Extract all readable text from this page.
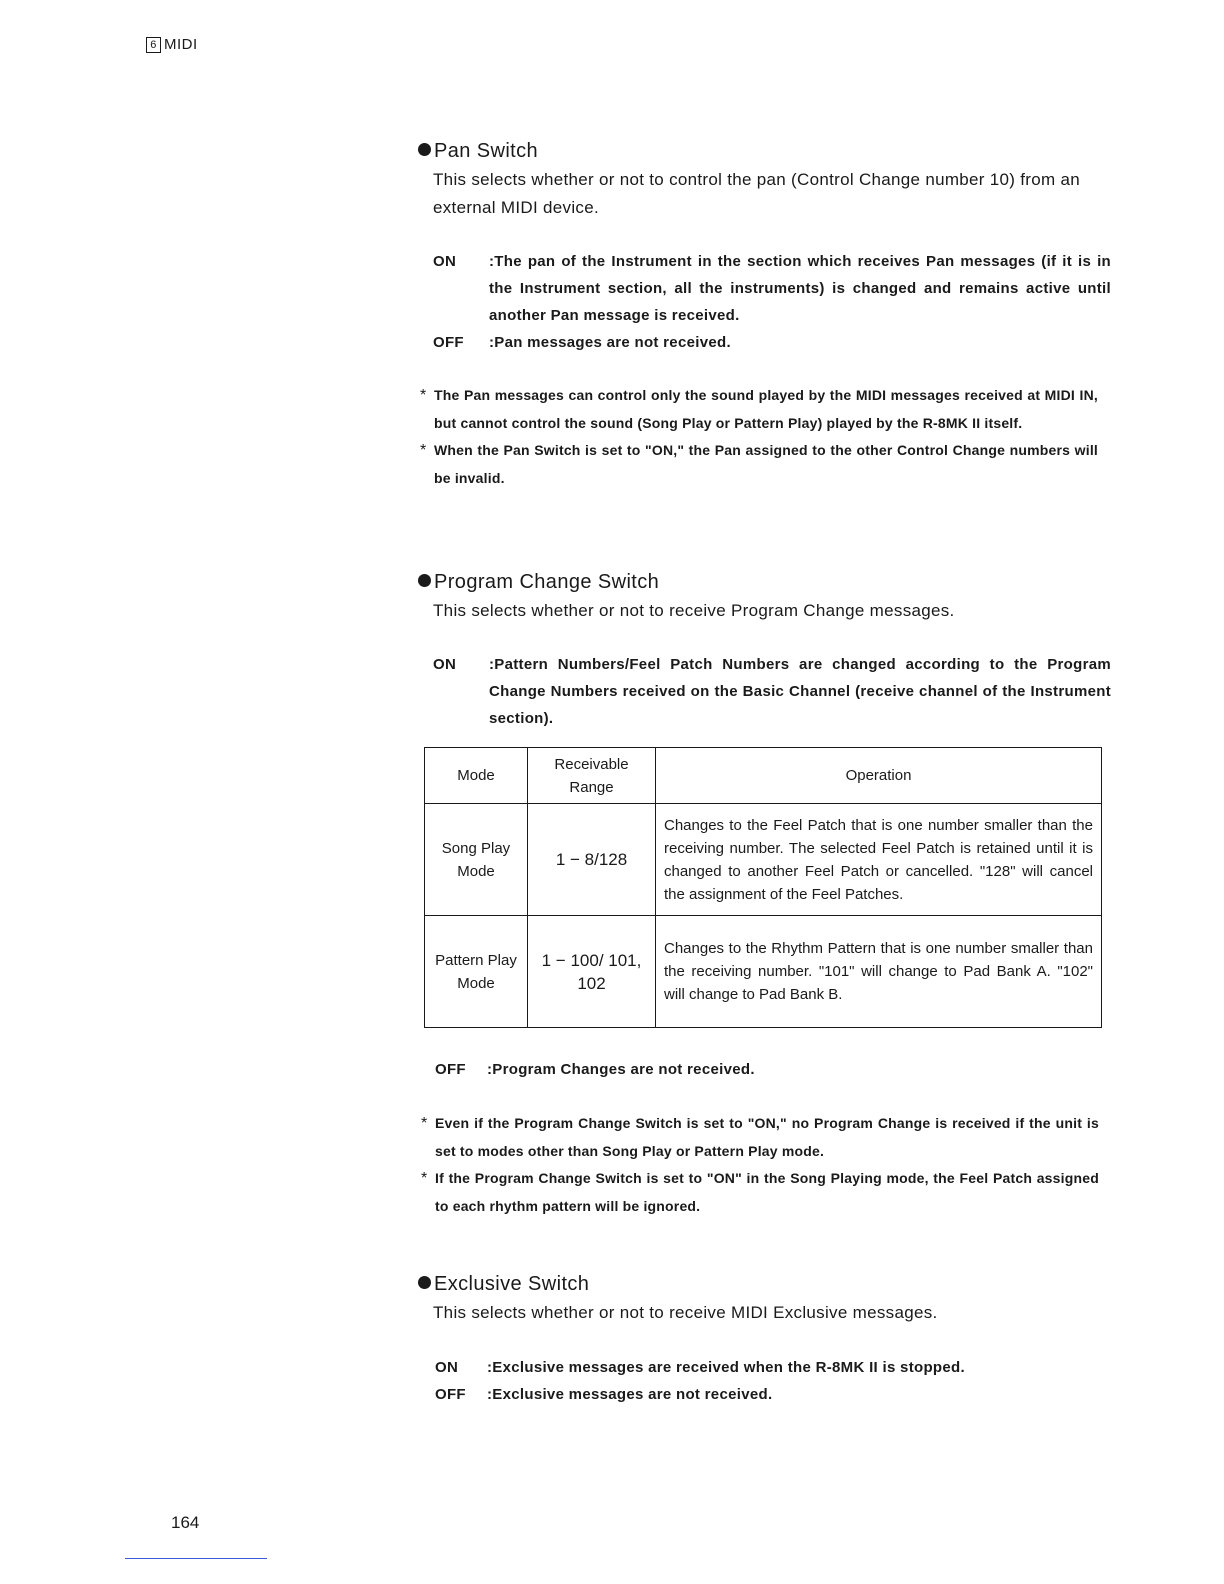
6 MIDI
Pan Switch
This selects whether or not to control the pan (Control Change number 10) from an external MIDI device.
ON	:The pan of the Instrument in the section which receives Pan messages (if it is in the Instrument section, all the instruments) is changed and remains active until another Pan message is received.
OFF	:Pan messages are not received.
* The Pan messages can control only the sound played by the MIDI messages received at MIDI IN, but cannot control the sound (Song Play or Pattern Play) played by the R-8MK II itself.
* When the Pan Switch is set to "ON," the Pan assigned to the other Control Change numbers will be invalid.
Program Change Switch
This selects whether or not to receive Program Change messages.
ON	:Pattern Numbers/Feel Patch Numbers are changed according to the Program Change Numbers received on the Basic Channel (receive channel of the Instrument section).
Mode	Receivable Range	Operation
Song Play Mode	1 − 8/128	Changes to the Feel Patch that is one number smaller than the receiving number. The selected Feel Patch is retained until it is changed to another Feel Patch or cancelled. "128" will cancel the assignment of the Feel Patches.
Pattern Play Mode	1 − 100/ 101, 102	Changes to the Rhythm Pattern that is one number smaller than the receiving number. "101" will change to Pad Bank A. "102" will change to Pad Bank B.
OFF	:Program Changes are not received.
* Even if the Program Change Switch is set to "ON," no Program Change is received if the unit is set to modes other than Song Play or Pattern Play mode.
* If the Program Change Switch is set to "ON" in the Song Playing mode, the Feel Patch assigned to each rhythm pattern will be ignored.
Exclusive Switch
This selects whether or not to receive MIDI Exclusive messages.
ON	:Exclusive messages are received when the R-8MK II is stopped.
OFF	:Exclusive messages are not received.
164
